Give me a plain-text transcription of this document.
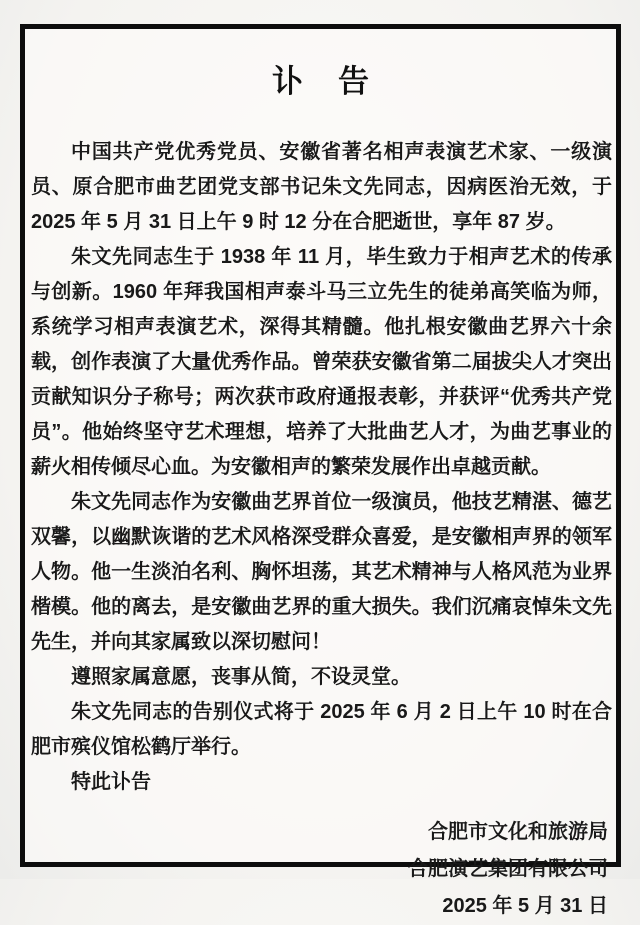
讣　告

中国共产党优秀党员、安徽省著名相声表演艺术家、一级演员、原合肥市曲艺团党支部书记朱文先同志，因病医治无效，于 2025 年 5 月 31 日上午 9 时 12 分在合肥逝世，享年 87 岁。

朱文先同志生于 1938 年 11 月，毕生致力于相声艺术的传承与创新。1960 年拜我国相声泰斗马三立先生的徒弟高笑临为师，系统学习相声表演艺术，深得其精髓。他扎根安徽曲艺界六十余载，创作表演了大量优秀作品。曾荣获安徽省第二届拔尖人才突出贡献知识分子称号；两次获市政府通报表彰，并获评“优秀共产党员”。他始终坚守艺术理想，培养了大批曲艺人才，为曲艺事业的薪火相传倾尽心血。为安徽相声的繁荣发展作出卓越贡献。

朱文先同志作为安徽曲艺界首位一级演员，他技艺精湛、德艺双馨，以幽默诙谐的艺术风格深受群众喜爱，是安徽相声界的领军人物。他一生淡泊名利、胸怀坦荡，其艺术精神与人格风范为业界楷模。他的离去，是安徽曲艺界的重大损失。我们沉痛哀悼朱文先先生，并向其家属致以深切慰问！

遵照家属意愿，丧事从简，不设灵堂。

朱文先同志的告别仪式将于 2025 年 6 月 2 日上午 10 时在合肥市殡仪馆松鹤厅举行。

特此讣告

合肥市文化和旅游局
合肥演艺集团有限公司
2025 年 5 月 31 日
